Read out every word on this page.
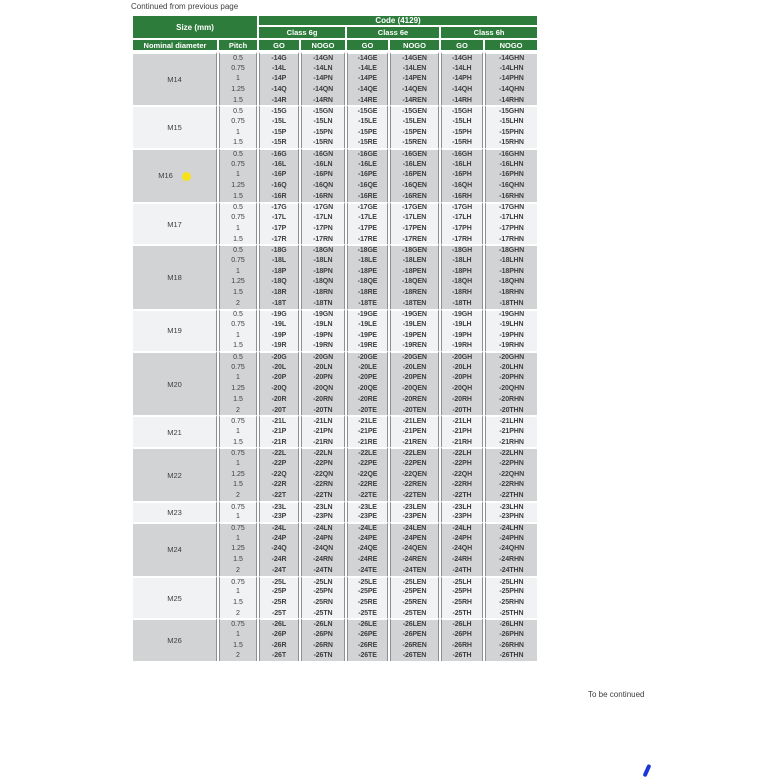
Continued from previous page
Size (mm)		Code (4129)					
		Class 6g		Class 6e		Class 6h	
Nominal diameter	Pitch	GO	NOGO	GO	NOGO	GO	NOGO
M14	0.5	-14G	-14GN	-14GE	-14GEN	-14GH	-14GHN
	0.75	-14L	-14LN	-14LE	-14LEN	-14LH	-14LHN
	1	-14P	-14PN	-14PE	-14PEN	-14PH	-14PHN
	1.25	-14Q	-14QN	-14QE	-14QEN	-14QH	-14QHN
	1.5	-14R	-14RN	-14RE	-14REN	-14RH	-14RHN
M15	0.5	-15G	-15GN	-15GE	-15GEN	-15GH	-15GHN
	0.75	-15L	-15LN	-15LE	-15LEN	-15LH	-15LHN
	1	-15P	-15PN	-15PE	-15PEN	-15PH	-15PHN
	1.5	-15R	-15RN	-15RE	-15REN	-15RH	-15RHN
M16	0.5	-16G	-16GN	-16GE	-16GEN	-16GH	-16GHN
	0.75	-16L	-16LN	-16LE	-16LEN	-16LH	-16LHN
	1	-16P	-16PN	-16PE	-16PEN	-16PH	-16PHN
	1.25	-16Q	-16QN	-16QE	-16QEN	-16QH	-16QHN
	1.5	-16R	-16RN	-16RE	-16REN	-16RH	-16RHN
M17	0.5	-17G	-17GN	-17GE	-17GEN	-17GH	-17GHN
	0.75	-17L	-17LN	-17LE	-17LEN	-17LH	-17LHN
	1	-17P	-17PN	-17PE	-17PEN	-17PH	-17PHN
	1.5	-17R	-17RN	-17RE	-17REN	-17RH	-17RHN
M18	0.5	-18G	-18GN	-18GE	-18GEN	-18GH	-18GHN
	0.75	-18L	-18LN	-18LE	-18LEN	-18LH	-18LHN
	1	-18P	-18PN	-18PE	-18PEN	-18PH	-18PHN
	1.25	-18Q	-18QN	-18QE	-18QEN	-18QH	-18QHN
	1.5	-18R	-18RN	-18RE	-18REN	-18RH	-18RHN
	2	-18T	-18TN	-18TE	-18TEN	-18TH	-18THN
M19	0.5	-19G	-19GN	-19GE	-19GEN	-19GH	-19GHN
	0.75	-19L	-19LN	-19LE	-19LEN	-19LH	-19LHN
	1	-19P	-19PN	-19PE	-19PEN	-19PH	-19PHN
	1.5	-19R	-19RN	-19RE	-19REN	-19RH	-19RHN
M20	0.5	-20G	-20GN	-20GE	-20GEN	-20GH	-20GHN
	0.75	-20L	-20LN	-20LE	-20LEN	-20LH	-20LHN
	1	-20P	-20PN	-20PE	-20PEN	-20PH	-20PHN
	1.25	-20Q	-20QN	-20QE	-20QEN	-20QH	-20QHN
	1.5	-20R	-20RN	-20RE	-20REN	-20RH	-20RHN
	2	-20T	-20TN	-20TE	-20TEN	-20TH	-20THN
M21	0.75	-21L	-21LN	-21LE	-21LEN	-21LH	-21LHN
	1	-21P	-21PN	-21PE	-21PEN	-21PH	-21PHN
	1.5	-21R	-21RN	-21RE	-21REN	-21RH	-21RHN
M22	0.75	-22L	-22LN	-22LE	-22LEN	-22LH	-22LHN
	1	-22P	-22PN	-22PE	-22PEN	-22PH	-22PHN
	1.25	-22Q	-22QN	-22QE	-22QEN	-22QH	-22QHN
	1.5	-22R	-22RN	-22RE	-22REN	-22RH	-22RHN
	2	-22T	-22TN	-22TE	-22TEN	-22TH	-22THN
M23	0.75	-23L	-23LN	-23LE	-23LEN	-23LH	-23LHN
	1	-23P	-23PN	-23PE	-23PEN	-23PH	-23PHN
M24	0.75	-24L	-24LN	-24LE	-24LEN	-24LH	-24LHN
	1	-24P	-24PN	-24PE	-24PEN	-24PH	-24PHN
	1.25	-24Q	-24QN	-24QE	-24QEN	-24QH	-24QHN
	1.5	-24R	-24RN	-24RE	-24REN	-24RH	-24RHN
	2	-24T	-24TN	-24TE	-24TEN	-24TH	-24THN
M25	0.75	-25L	-25LN	-25LE	-25LEN	-25LH	-25LHN
	1	-25P	-25PN	-25PE	-25PEN	-25PH	-25PHN
	1.5	-25R	-25RN	-25RE	-25REN	-25RH	-25RHN
	2	-25T	-25TN	-25TE	-25TEN	-25TH	-25THN
M26	0.75	-26L	-26LN	-26LE	-26LEN	-26LH	-26LHN
	1	-26P	-26PN	-26PE	-26PEN	-26PH	-26PHN
	1.5	-26R	-26RN	-26RE	-26REN	-26RH	-26RHN
	2	-26T	-26TN	-26TE	-26TEN	-26TH	-26THN
To be continued
